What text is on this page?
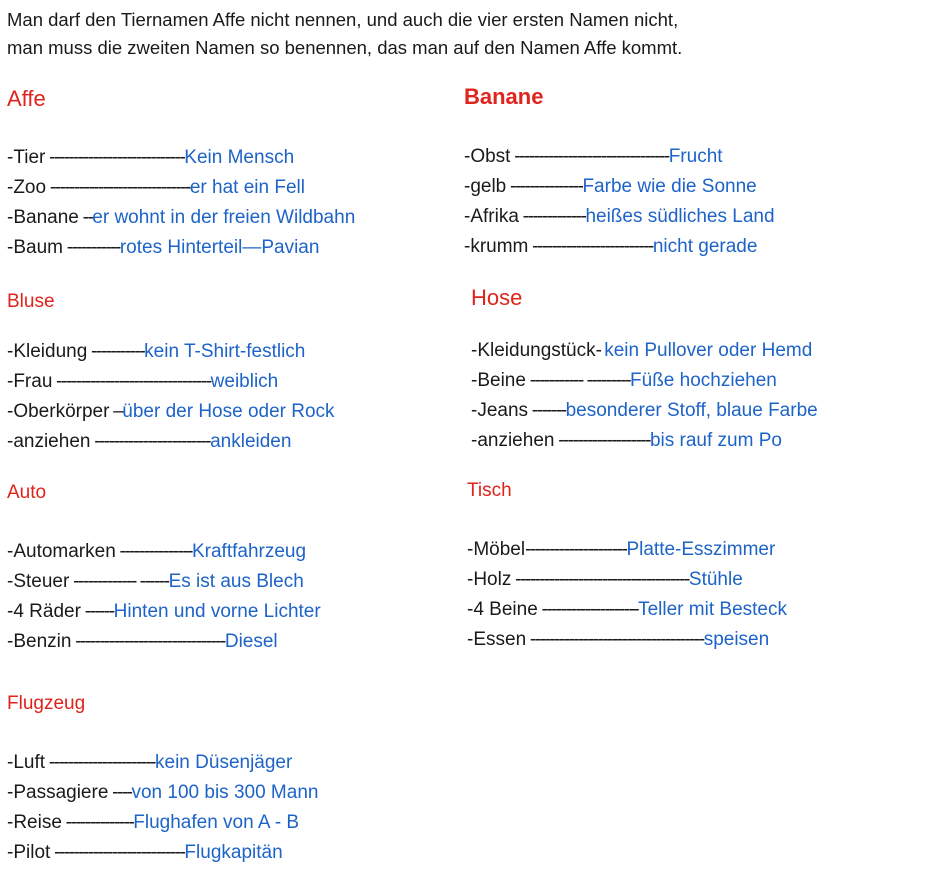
Man darf den Tiernamen Affe nicht nennen, und auch die vier ersten Namen nicht,

man muss die zweiten Namen so benennen, das man auf den Namen Affe kommt.

Affe
-Tier ----------------------------Kein Mensch
-Zoo -----------------------------er hat ein Fell
-Banane --er wohnt in der freien Wildbahn
-Baum -----------rotes Hinterteil—Pavian
Banane
-Obst --------------------------------Frucht
-gelb ---------------Farbe wie die Sonne
-Afrika -------------heißes südliches Land
-krumm -------------------------nicht gerade
Bluse
-Kleidung -----------kein T-Shirt-festlich
-Frau --------------------------------weiblich
-Oberkörper –über der Hose oder Rock
-anziehen ------------------------ankleiden
Hose
-Kleidungstück- kein Pullover oder Hemd
-Beine ----------- ---------Füße hochziehen
-Jeans -------besonderer Stoff, blaue Farbe
-anziehen -------------------bis rauf zum Po
Auto
-Automarken ---------------Kraftfahrzeug
-Steuer ------------- ------Es ist aus Blech
-4 Räder ------Hinten und vorne Lichter
-Benzin -------------------------------Diesel
Tisch
-Möbel---------------------Platte-Esszimmer
-Holz ------------------------------------Stühle
-4 Beine --------------------Teller mit Besteck
-Essen ------------------------------------speisen
Flugzeug
-Luft ----------------------kein Düsenjäger
-Passagiere ----von 100 bis 300 Mann
-Reise --------------Flughafen von A - B
-Pilot ---------------------------Flugkapitän
